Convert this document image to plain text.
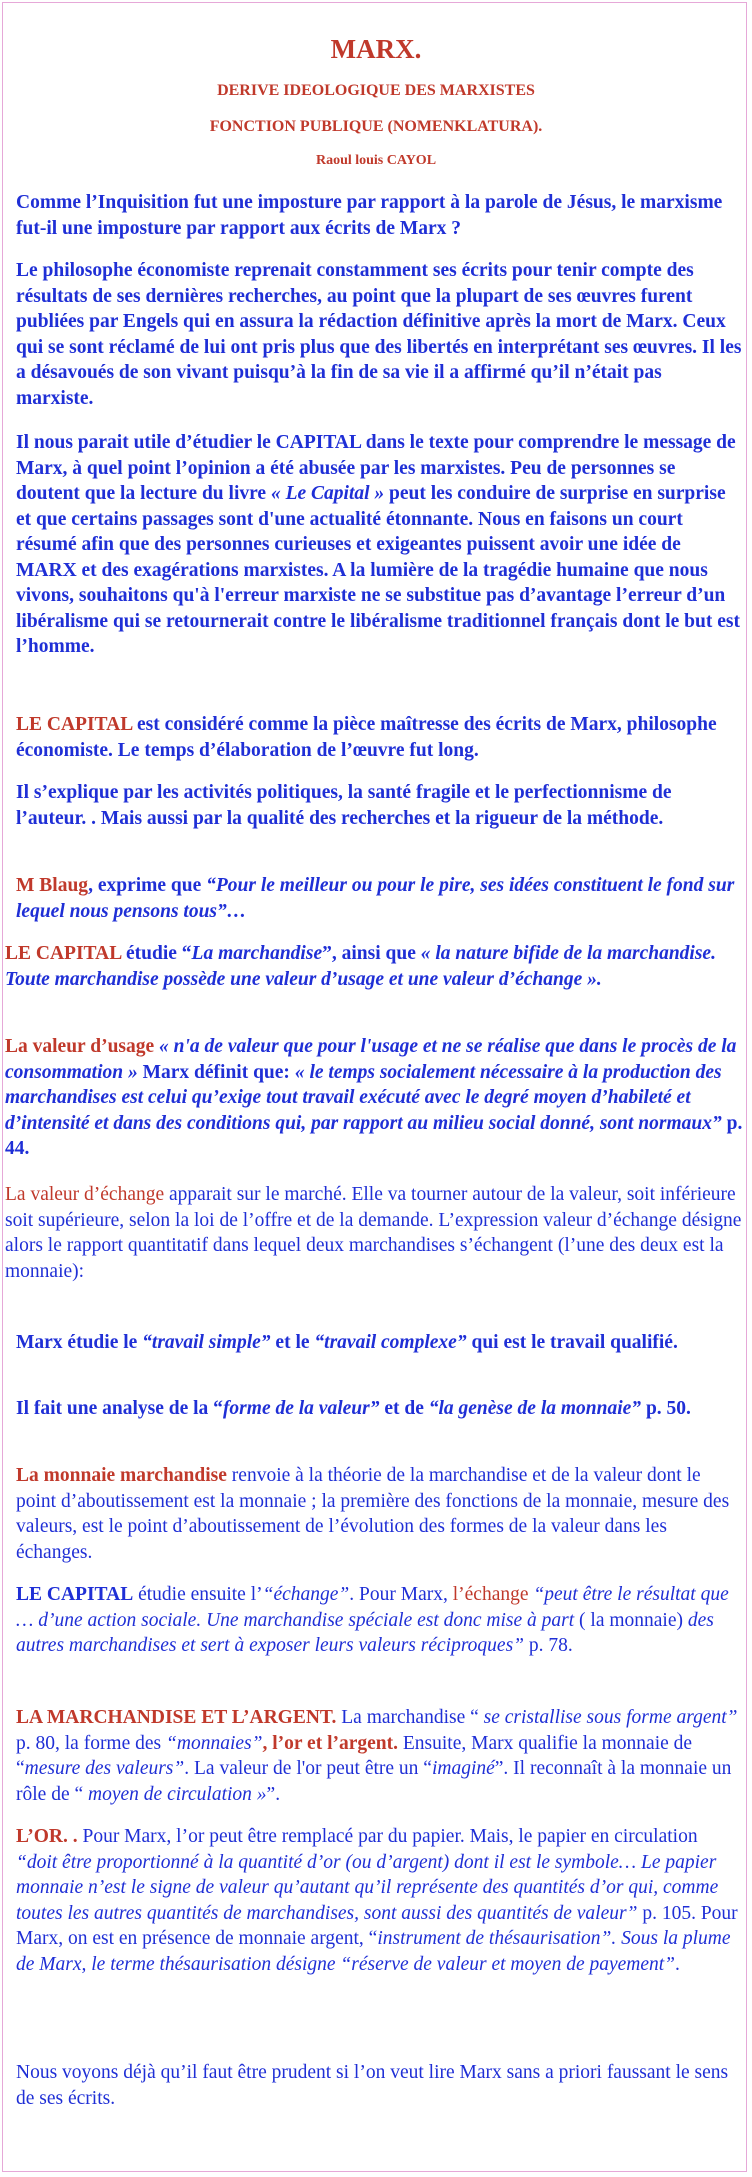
MARX.
DERIVE IDEOLOGIQUE DES MARXISTES
FONCTION PUBLIQUE (NOMENKLATURA).
Raoul louis CAYOL

Comme l’Inquisition fut une imposture par rapport à la parole de Jésus, le marxisme fut-il une imposture par rapport aux écrits de Marx ?

Le philosophe économiste reprenait constamment ses écrits pour tenir compte des résultats de ses dernières recherches, au point que la plupart de ses œuvres furent publiées par Engels qui en assura la rédaction définitive après la mort de Marx. Ceux qui se sont réclamé de lui ont pris plus que des libertés en interprétant ses œuvres. Il les a désavoués de son vivant puisqu’à la fin de sa vie il a affirmé qu’il n’était pas marxiste.

Il nous parait utile d’étudier le CAPITAL dans le texte pour comprendre le message de Marx, à quel point l’opinion a été abusée par les marxistes. Peu de personnes se doutent que la lecture du livre « Le Capital » peut les conduire de surprise en surprise et que certains passages sont d'une actualité étonnante. Nous en faisons un court résumé afin que des personnes curieuses et exigeantes puissent avoir une idée de MARX et des exagérations marxistes. A la lumière de la tragédie humaine que nous vivons, souhaitons qu'à l'erreur marxiste ne se substitue pas d’avantage l’erreur d’un libéralisme qui se retournerait contre le libéralisme traditionnel français dont le but est l’homme.

LE CAPITAL est considéré comme la pièce maîtresse des écrits de Marx, philosophe économiste. Le temps d’élaboration de l’œuvre fut long.

Il s’explique par les activités politiques, la santé fragile et le perfectionnisme de l’auteur. . Mais aussi par la qualité des recherches et la rigueur de la méthode.

M Blaug, exprime que “Pour le meilleur ou pour le pire, ses idées constituent le fond sur lequel nous pensons tous”…

LE CAPITAL étudie “La marchandise”, ainsi que « la nature bifide de la marchandise. Toute marchandise possède une valeur d’usage et une valeur d’échange ».

La valeur d’usage « n'a de valeur que pour l'usage et ne se réalise que dans le procès de la consommation » Marx définit que: « le temps socialement nécessaire à la production des marchandises est celui qu’exige tout travail exécuté avec le degré moyen d’habileté et d’intensité et dans des conditions qui, par rapport au milieu social donné, sont normaux” p. 44.

La valeur d’échange apparait sur le marché. Elle va tourner autour de la valeur, soit inférieure soit supérieure, selon la loi de l’offre et de la demande. L’expression valeur d’échange désigne alors le rapport quantitatif dans lequel deux marchandises s’échangent (l’une des deux est la monnaie):

Marx étudie le “travail simple” et le “travail complexe” qui est le travail qualifié.

Il fait une analyse de la “forme de la valeur” et de “la genèse de la monnaie” p. 50.

La monnaie marchandise renvoie à la théorie de la marchandise et de la valeur dont le point d’aboutissement est la monnaie ; la première des fonctions de la monnaie, mesure des valeurs, est le point d’aboutissement de l’évolution des formes de la valeur dans les échanges.

LE CAPITAL étudie ensuite l’“échange”. Pour Marx, l’échange “peut être le résultat que … d’une action sociale. Une marchandise spéciale est donc mise à part ( la monnaie) des autres marchandises et sert à exposer leurs valeurs réciproques” p. 78.

LA MARCHANDISE ET L’ARGENT. La marchandise “ se cristallise sous forme argent” p. 80, la forme des “monnaies”, l’or et l’argent. Ensuite, Marx qualifie la monnaie de “mesure des valeurs”. La valeur de l'or peut être un “imaginé”. Il reconnaît à la monnaie un rôle de “ moyen de circulation »”.

L’OR. . Pour Marx, l’or peut être remplacé par du papier. Mais, le papier en circulation “doit être proportionné à la quantité d’or (ou d’argent) dont il est le symbole… Le papier monnaie n’est le signe de valeur qu’autant qu’il représente des quantités d’or qui, comme toutes les autres quantités de marchandises, sont aussi des quantités de valeur” p. 105. Pour Marx, on est en présence de monnaie argent, “instrument de thésaurisation”. Sous la plume de Marx, le terme thésaurisation désigne “réserve de valeur et moyen de payement”.

Nous voyons déjà qu’il faut être prudent si l’on veut lire Marx sans a priori faussant le sens de ses écrits.
